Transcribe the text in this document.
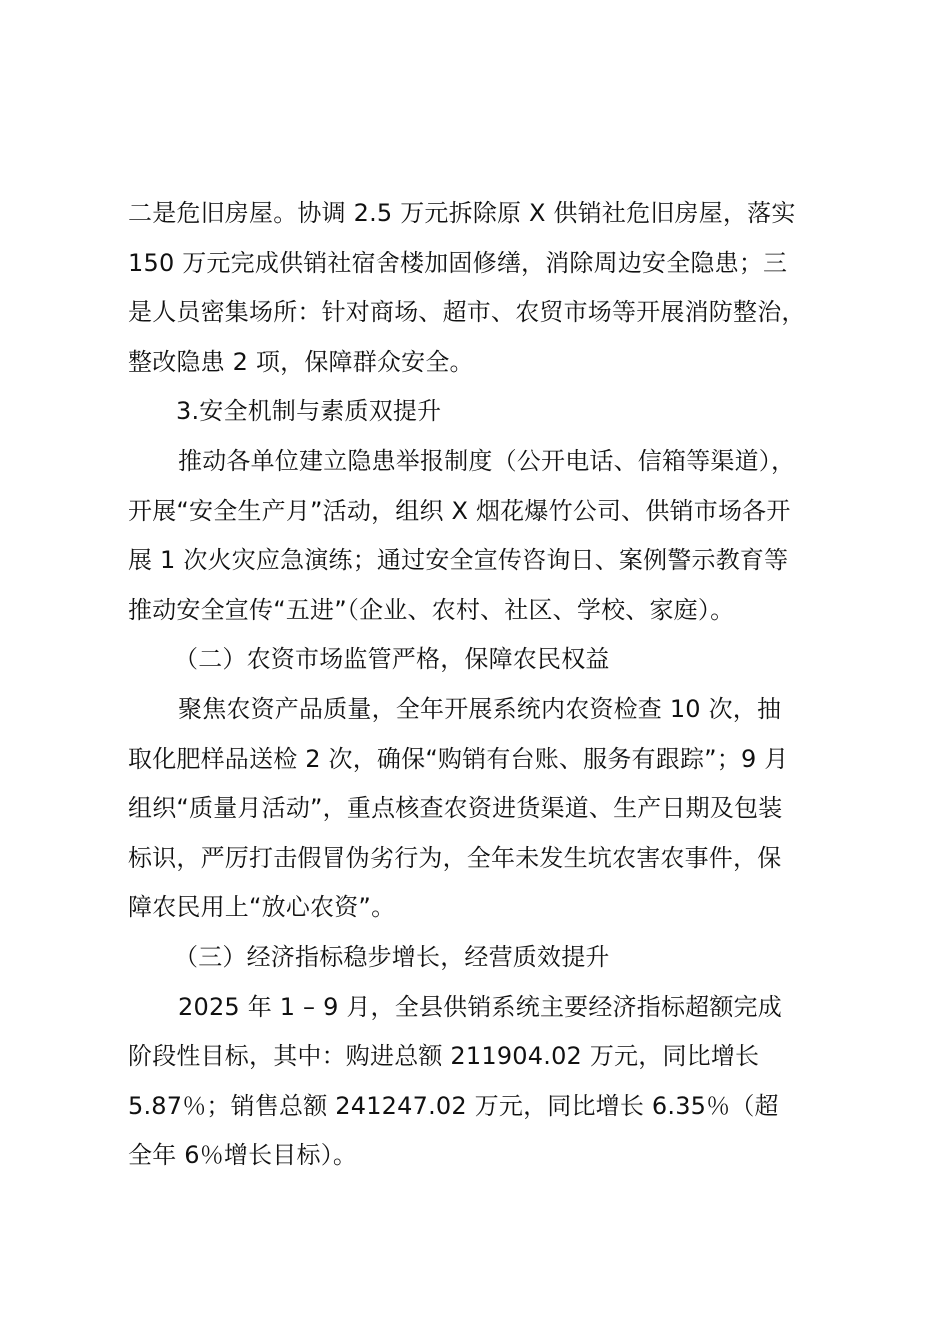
二是危旧房屋。协调 2.5 万元拆除原 X 供销社危旧房屋，落实
150 万元完成供销社宿舍楼加固修缮，消除周边安全隐患；三
是人员密集场所：针对商场、超市、农贸市场等开展消防整治，
整改隐患 2 项，保障群众安全。
3.安全机制与素质双提升
推动各单位建立隐患举报制度（公开电话、信箱等渠道），
开展“安全生产月”活动，组织 X 烟花爆竹公司、供销市场各开
展 1 次火灾应急演练；通过安全宣传咨询日、案例警示教育等
推动安全宣传“五进”（企业、农村、社区、学校、家庭）。
（二）农资市场监管严格，保障农民权益
聚焦农资产品质量，全年开展系统内农资检查 10 次，抽
取化肥样品送检 2 次，确保“购销有台账、服务有跟踪”；9 月
组织“质量月活动”，重点核查农资进货渠道、生产日期及包装
标识，严厉打击假冒伪劣行为，全年未发生坑农害农事件，保
障农民用上“放心农资”。
（三）经济指标稳步增长，经营质效提升
2025 年 1 – 9 月，全县供销系统主要经济指标超额完成
阶段性目标，其中：购进总额 211904.02 万元，同比增长
5.87％；销售总额 241247.02 万元，同比增长 6.35％（超
全年 6％增长目标）。
